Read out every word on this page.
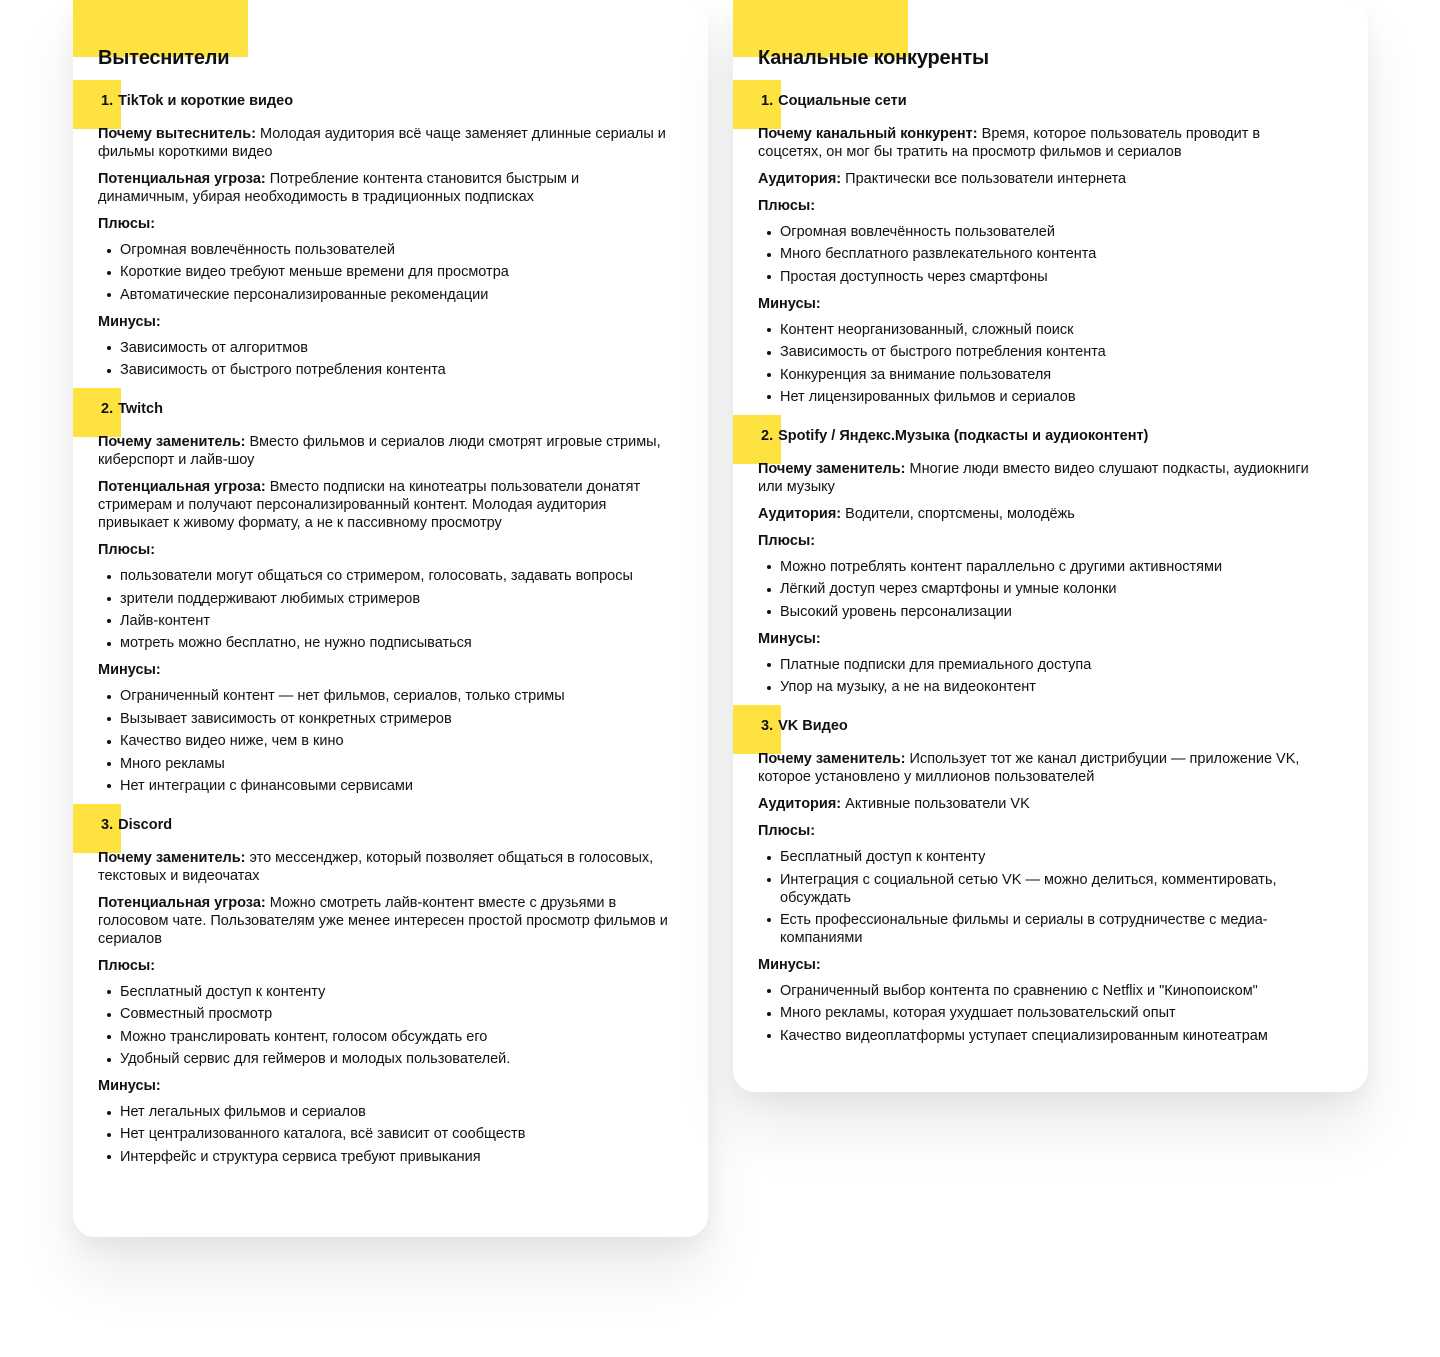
Вытеснители
1. TikTok и короткие видео

Почему вытеснитель: Молодая аудитория всё чаще заменяет длинные сериалы и фильмы короткими видео

Потенциальная угроза: Потребление контента становится быстрым и динамичным, убирая необходимость в традиционных подписках

Плюсы:
Огромная вовлечённость пользователей
Короткие видео требуют меньше времени для просмотра
Автоматические персонализированные рекомендации
Минусы:
Зависимость от алгоритмов
Зависимость от быстрого потребления контента
2. Twitch

Почему заменитель: Вместо фильмов и сериалов люди смотрят игровые стримы, киберспорт и лайв-шоу

Потенциальная угроза: Вместо подписки на кинотеатры пользователи донатят стримерам и получают персонализированный контент. Молодая аудитория привыкает к живому формату, а не к пассивному просмотру

Плюсы:
пользователи могут общаться со стримером, голосовать, задавать вопросы
зрители поддерживают любимых стримеров
Лайв-контент
мотреть можно бесплатно, не нужно подписываться
Минусы:
Ограниченный контент — нет фильмов, сериалов, только стримы
Вызывает зависимость от конкретных стримеров
Качество видео ниже, чем в кино
Много рекламы
Нет интеграции с финансовыми сервисами
3. Discord

Почему заменитель: это мессенджер, который позволяет общаться в голосовых, текстовых и видеочатах

Потенциальная угроза: Можно смотреть лайв-контент вместе с друзьями в голосовом чате. Пользователям уже менее интересен простой просмотр фильмов и сериалов

Плюсы:
Бесплатный доступ к контенту
Совместный просмотр
Можно транслировать контент, голосом обсуждать его
Удобный сервис для геймеров и молодых пользователей.
Минусы:
Нет легальных фильмов и сериалов
Нет централизованного каталога, всё зависит от сообществ
Интерфейс и структура сервиса требуют привыкания
Канальные конкуренты
1. Социальные сети

Почему канальный конкурент: Время, которое пользователь проводит в соцсетях, он мог бы тратить на просмотр фильмов и сериалов

Аудитория: Практически все пользователи интернета

Плюсы:
Огромная вовлечённость пользователей
Много бесплатного развлекательного контента
Простая доступность через смартфоны
Минусы:
Контент неорганизованный, сложный поиск
Зависимость от быстрого потребления контента
Конкуренция за внимание пользователя
Нет лицензированных фильмов и сериалов
2. Spotify / Яндекс.Музыка (подкасты и аудиоконтент)

Почему заменитель: Многие люди вместо видео слушают подкасты, аудиокниги или музыку

Аудитория: Водители, спортсмены, молодёжь

Плюсы:
Можно потреблять контент параллельно с другими активностями
Лёгкий доступ через смартфоны и умные колонки
Высокий уровень персонализации
Минусы:
Платные подписки для премиального доступа
Упор на музыку, а не на видеоконтент
3. VK Видео

Почему заменитель: Использует тот же канал дистрибуции — приложение VK, которое установлено у миллионов пользователей

Аудитория: Активные пользователи VK

Плюсы:
Бесплатный доступ к контенту
Интеграция с социальной сетью VK — можно делиться, комментировать, обсуждать
Есть профессиональные фильмы и сериалы в сотрудничестве с медиа-компаниями
Минусы:
Ограниченный выбор контента по сравнению с Netflix и "Кинопоиском"
Много рекламы, которая ухудшает пользовательский опыт
Качество видеоплатформы уступает специализированным кинотеатрам
